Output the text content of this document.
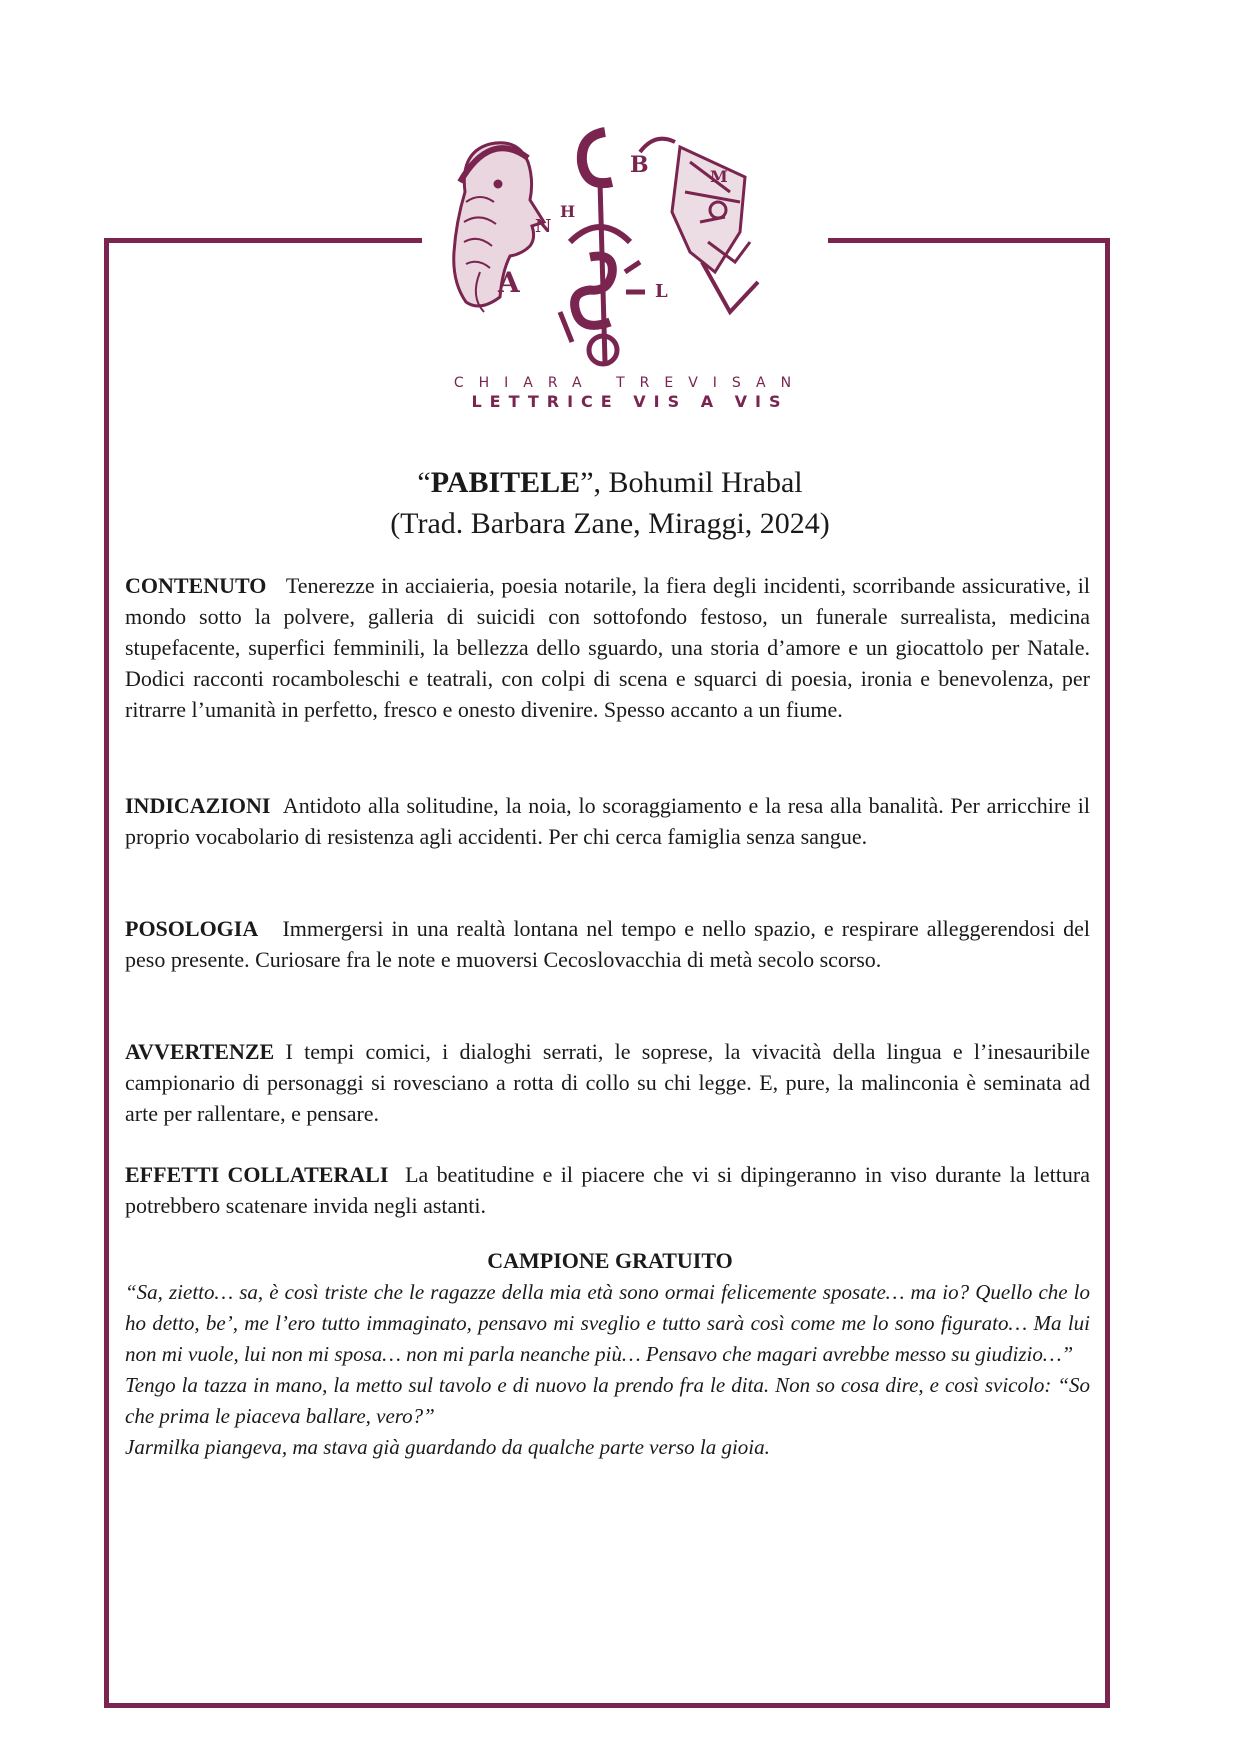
B
A
N
H
L
M
CHIARA TREVISAN
LETTRICE VIS A VIS
“PABITELE”, Bohumil Hrabal
(Trad. Barbara Zane, Miraggi, 2024)
CONTENUTO Tenerezze in acciaieria, poesia notarile, la fiera degli incidenti, scorribande assicurative, il mondo sotto la polvere, galleria di suicidi con sottofondo festoso, un funerale surrealista, medicina stupefacente, superfici femminili, la bellezza dello sguardo, una storia d’amore e un giocattolo per Natale. Dodici racconti rocamboleschi e teatrali, con colpi di scena e squarci di poesia, ironia e benevolenza, per ritrarre l’umanità in perfetto, fresco e onesto divenire. Spesso accanto a un fiume.
INDICAZIONI Antidoto alla solitudine, la noia, lo scoraggiamento e la resa alla banalità. Per arricchire il proprio vocabolario di resistenza agli accidenti. Per chi cerca famiglia senza sangue.
POSOLOGIA Immergersi in una realtà lontana nel tempo e nello spazio, e respirare alleggerendosi del peso presente. Curiosare fra le note e muoversi Cecoslovacchia di metà secolo scorso.
AVVERTENZE I tempi comici, i dialoghi serrati, le soprese, la vivacità della lingua e l’inesauribile campionario di personaggi si rovesciano a rotta di collo su chi legge. E, pure, la malinconia è seminata ad arte per rallentare, e pensare.
EFFETTI COLLATERALI La beatitudine e il piacere che vi si dipingeranno in viso durante la lettura potrebbero scatenare invida negli astanti.
CAMPIONE GRATUITO

“Sa, zietto… sa, è così triste che le ragazze della mia età sono ormai felicemente sposate… ma io? Quello che lo ho detto, be’, me l’ero tutto immaginato, pensavo mi sveglio e tutto sarà così come me lo sono figurato… Ma lui non mi vuole, lui non mi sposa… non mi parla neanche più… Pensavo che magari avrebbe messo su giudizio…”

Tengo la tazza in mano, la metto sul tavolo e di nuovo la prendo fra le dita. Non so cosa dire, e così svicolo: “So che prima le piaceva ballare, vero?”

Jarmilka piangeva, ma stava già guardando da qualche parte verso la gioia.
